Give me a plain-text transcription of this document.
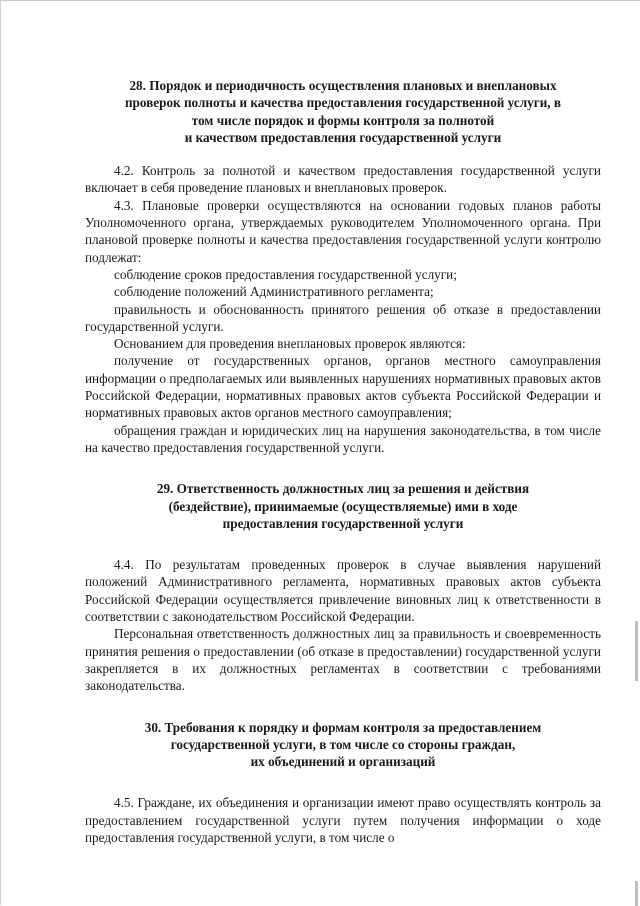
28. Порядок и периодичность осуществления плановых и внеплановых
проверок полноты и качества предоставления государственной услуги, в
том числе порядок и формы контроля за полнотой
и качеством предоставления государственной услуги

4.2. Контроль за полнотой и качеством предоставления государственной услуги включает в себя проведение плановых и внеплановых проверок.

4.3. Плановые проверки осуществляются на основании годовых планов работы Уполномоченного органа, утверждаемых руководителем Уполномоченного органа. При плановой проверке полноты и качества предоставления государственной услуги контролю подлежат:

соблюдение сроков предоставления государственной услуги;

соблюдение положений Административного регламента;

правильность и обоснованность принятого решения об отказе в предоставлении государственной услуги.

Основанием для проведения внеплановых проверок являются:

получение от государственных органов, органов местного самоуправления информации о предполагаемых или выявленных нарушениях нормативных правовых актов Российской Федерации, нормативных правовых актов субъекта Российской Федерации и нормативных правовых актов органов местного самоуправления;

обращения граждан и юридических лиц на нарушения законодательства, в том числе на качество предоставления государственной услуги.

29. Ответственность должностных лиц за решения и действия
(бездействие), принимаемые (осуществляемые) ими в ходе
предоставления государственной услуги

4.4. По результатам проведенных проверок в случае выявления нарушений положений Административного регламента, нормативных правовых актов субъекта Российской Федерации осуществляется привлечение виновных лиц к ответственности в соответствии с законодательством Российской Федерации.

Персональная ответственность должностных лиц за правильность и своевременность принятия решения о предоставлении (об отказе в предоставлении) государственной услуги закрепляется в их должностных регламентах в соответствии с требованиями законодательства.

30. Требования к порядку и формам контроля за предоставлением
государственной услуги, в том числе со стороны граждан,
их объединений и организаций

4.5. Граждане, их объединения и организации имеют право осуществлять контроль за предоставлением государственной услуги путем получения информации о ходе предоставления государственной услуги, в том числе о
